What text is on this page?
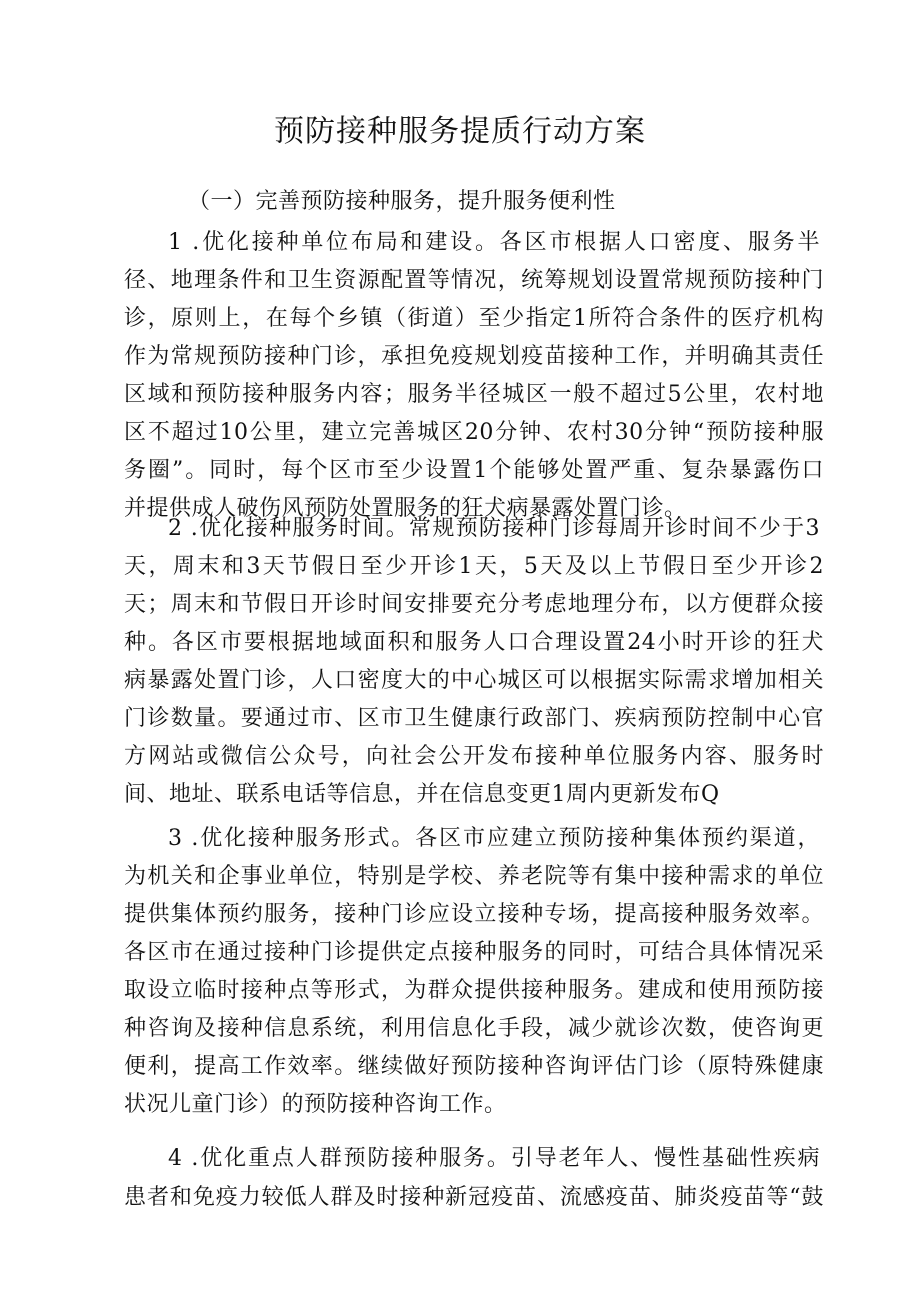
预防接种服务提质行动方案
（一）完善预防接种服务，提升服务便利性
1 .优化接种单位布局和建设。各区市根据人口密度、服务半
径、地理条件和卫生资源配置等情况，统筹规划设置常规预防接种门
诊，原则上，在每个乡镇（街道）至少指定1所符合条件的医疗机构
作为常规预防接种门诊，承担免疫规划疫苗接种工作，并明确其责任
区域和预防接种服务内容；服务半径城区一般不超过5公里，农村地
区不超过10公里，建立完善城区20分钟、农村30分钟“预防接种服
务圈”。同时，每个区市至少设置1个能够处置严重、复杂暴露伤口
并提供成人破伤风预防处置服务的狂犬病暴露处置门诊。
2 .优化接种服务时间。常规预防接种门诊每周开诊时间不少于3
天，周末和3天节假日至少开诊1天，5天及以上节假日至少开诊2
天；周末和节假日开诊时间安排要充分考虑地理分布，以方便群众接
种。各区市要根据地域面积和服务人口合理设置24小时开诊的狂犬
病暴露处置门诊，人口密度大的中心城区可以根据实际需求增加相关
门诊数量。要通过市、区市卫生健康行政部门、疾病预防控制中心官
方网站或微信公众号，向社会公开发布接种单位服务内容、服务时
间、地址、联系电话等信息，并在信息变更1周内更新发布Q
3 .优化接种服务形式。各区市应建立预防接种集体预约渠道，
为机关和企事业单位，特别是学校、养老院等有集中接种需求的单位
提供集体预约服务，接种门诊应设立接种专场，提高接种服务效率。
各区市在通过接种门诊提供定点接种服务的同时，可结合具体情况采
取设立临时接种点等形式，为群众提供接种服务。建成和使用预防接
种咨询及接种信息系统，利用信息化手段，减少就诊次数，使咨询更
便利，提高工作效率。继续做好预防接种咨询评估门诊（原特殊健康
状况儿童门诊）的预防接种咨询工作。
4 .优化重点人群预防接种服务。引导老年人、慢性基础性疾病
患者和免疫力较低人群及时接种新冠疫苗、流感疫苗、肺炎疫苗等“鼓
